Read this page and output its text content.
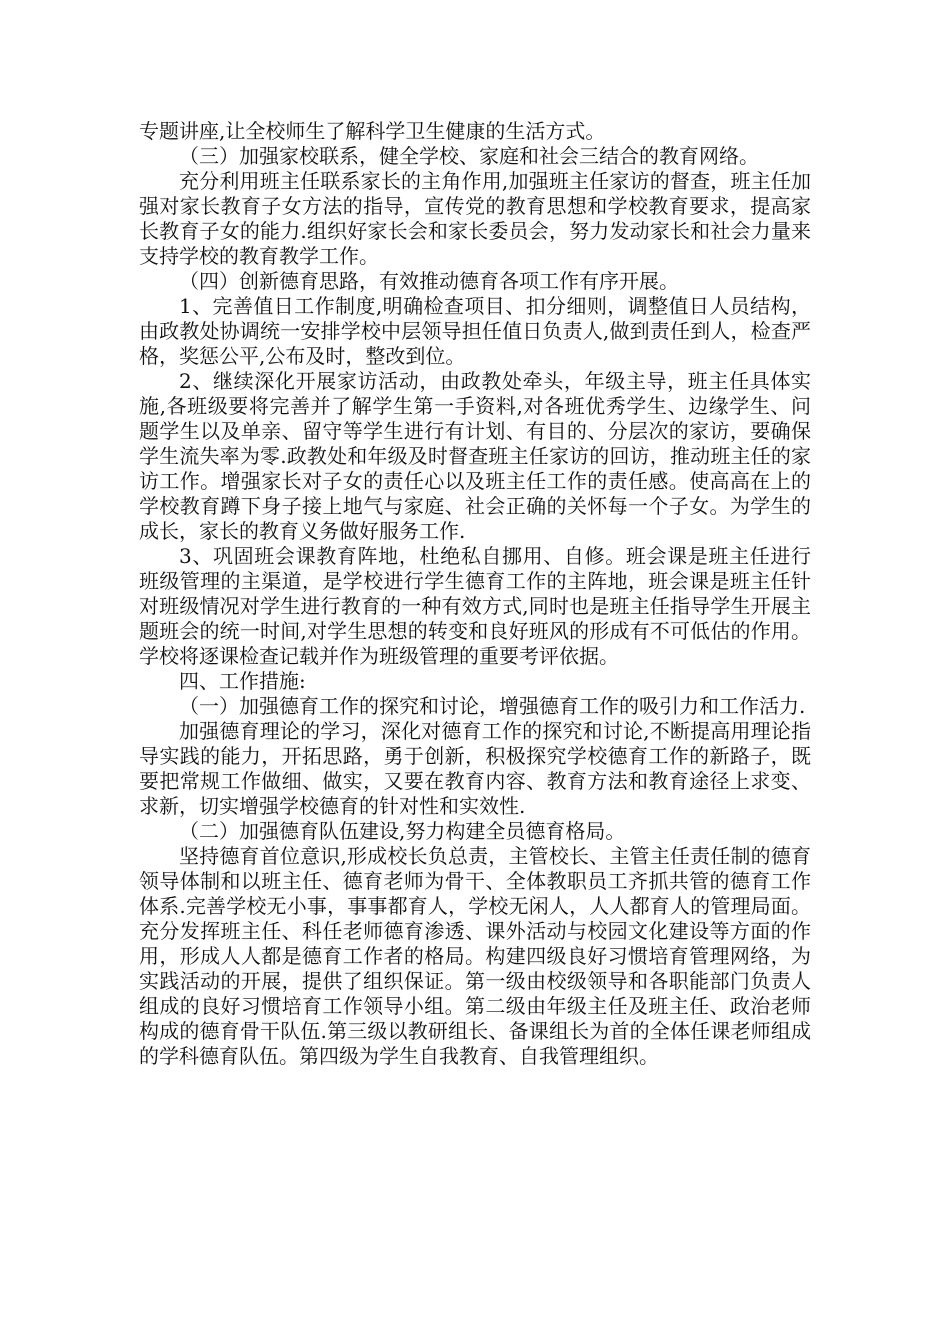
专题讲座,让全校师生了解科学卫生健康的生活方式。

（三）加强家校联系，健全学校、家庭和社会三结合的教育网络。

充分利用班主任联系家长的主角作用,加强班主任家访的督查，班主任加强对家长教育子女方法的指导，宣传党的教育思想和学校教育要求，提高家长教育子女的能力.组织好家长会和家长委员会，努力发动家长和社会力量来支持学校的教育教学工作。

（四）创新德育思路，有效推动德育各项工作有序开展。

1、完善值日工作制度,明确检查项目、扣分细则，调整值日人员结构，由政教处协调统一安排学校中层领导担任值日负责人,做到责任到人，检查严格，奖惩公平,公布及时，整改到位。

2、继续深化开展家访活动，由政教处牵头，年级主导，班主任具体实施,各班级要将完善并了解学生第一手资料,对各班优秀学生、边缘学生、问题学生以及单亲、留守等学生进行有计划、有目的、分层次的家访，要确保学生流失率为零.政教处和年级及时督查班主任家访的回访，推动班主任的家访工作。增强家长对子女的责任心以及班主任工作的责任感。使高高在上的学校教育蹲下身子接上地气与家庭、社会正确的关怀每一个子女。为学生的成长，家长的教育义务做好服务工作.

3、巩固班会课教育阵地，杜绝私自挪用、自修。班会课是班主任进行班级管理的主渠道，是学校进行学生德育工作的主阵地，班会课是班主任针对班级情况对学生进行教育的一种有效方式,同时也是班主任指导学生开展主题班会的统一时间,对学生思想的转变和良好班风的形成有不可低估的作用。学校将逐课检查记载并作为班级管理的重要考评依据。

四、工作措施:

（一）加强德育工作的探究和讨论，增强德育工作的吸引力和工作活力.

加强德育理论的学习，深化对德育工作的探究和讨论,不断提高用理论指导实践的能力，开拓思路，勇于创新，积极探究学校德育工作的新路子，既要把常规工作做细、做实，又要在教育内容、教育方法和教育途径上求变、求新，切实增强学校德育的针对性和实效性.

（二）加强德育队伍建设,努力构建全员德育格局。

坚持德育首位意识,形成校长负总责，主管校长、主管主任责任制的德育领导体制和以班主任、德育老师为骨干、全体教职员工齐抓共管的德育工作体系.完善学校无小事，事事都育人，学校无闲人，人人都育人的管理局面。充分发挥班主任、科任老师德育渗透、课外活动与校园文化建设等方面的作用，形成人人都是德育工作者的格局。构建四级良好习惯培育管理网络，为实践活动的开展，提供了组织保证。第一级由校级领导和各职能部门负责人组成的良好习惯培育工作领导小组。第二级由年级主任及班主任、政治老师构成的德育骨干队伍.第三级以教研组长、备课组长为首的全体任课老师组成的学科德育队伍。第四级为学生自我教育、自我管理组织。
